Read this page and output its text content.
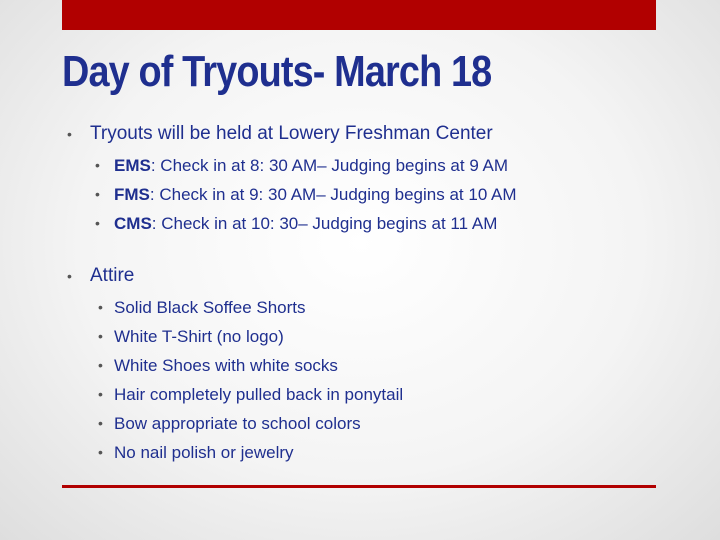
Day of Tryouts- March 18
• Tryouts will be held at Lowery Freshman Center
• EMS: Check in at 8: 30 AM– Judging begins at 9 AM
• FMS: Check in at 9: 30 AM– Judging begins at 10 AM
• CMS: Check in at 10: 30– Judging begins at 11 AM
• Attire
• Solid Black Soffee Shorts
• White T-Shirt (no logo)
• White Shoes with white socks
• Hair completely pulled back in ponytail
• Bow appropriate to school colors
• No nail polish or jewelry
